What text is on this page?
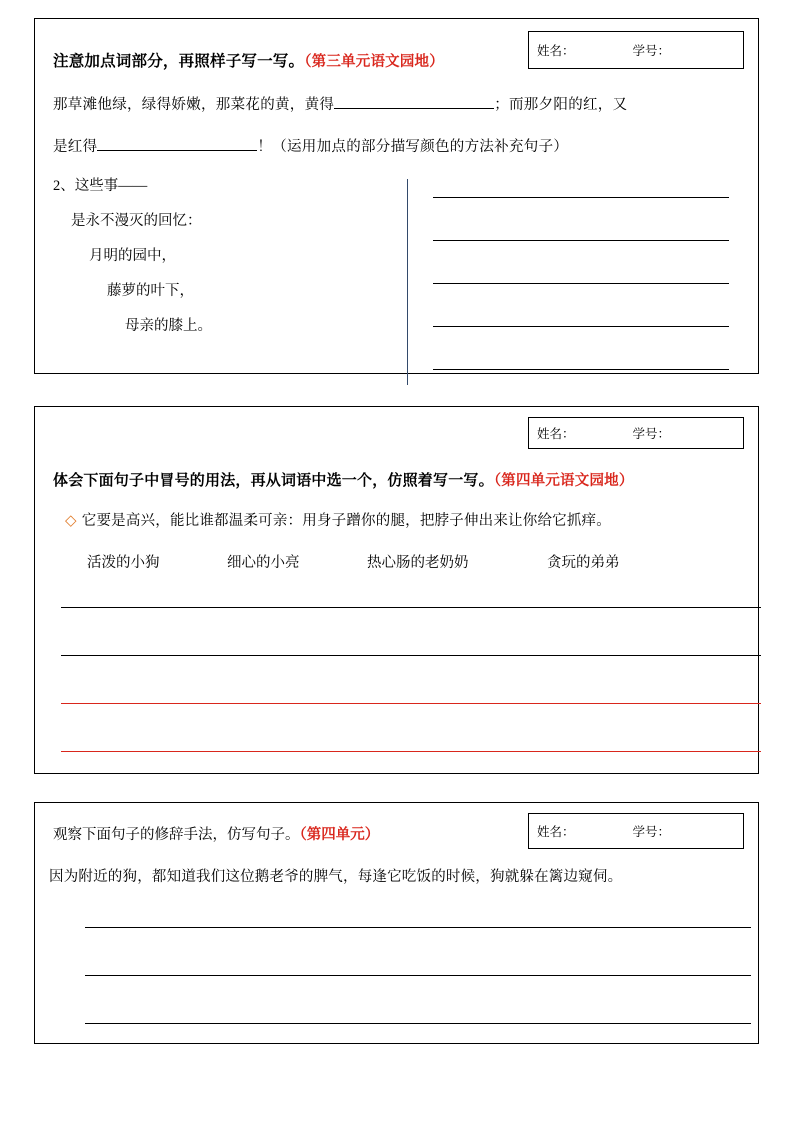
姓名：	学号：
注意加点词部分，再照样子写一写。（第三单元语文园地）
那草滩他绿，绿得娇嫩，那菜花的黄，黄得	；而那夕阳的红，又
是红得	！（运用加点的部分描写颜色的方法补充句子）
2、这些事——
是永不漫灭的回忆：
月明的园中，
藤萝的叶下，
母亲的膝上。
姓名：	学号：
体会下面句子中冒号的用法，再从词语中选一个，仿照着写一写。（第四单元语文园地）
◇ 它要是高兴，能比谁都温柔可亲：用身子蹭你的腿，把脖子伸出来让你给它抓痒。
活泼的小狗	细心的小亮	热心肠的老奶奶	贪玩的弟弟
姓名：	学号：
观察下面句子的修辞手法，仿写句子。（第四单元）
因为附近的狗，都知道我们这位鹅老爷的脾气，每逢它吃饭的时候，狗就躲在篱边窥伺。
